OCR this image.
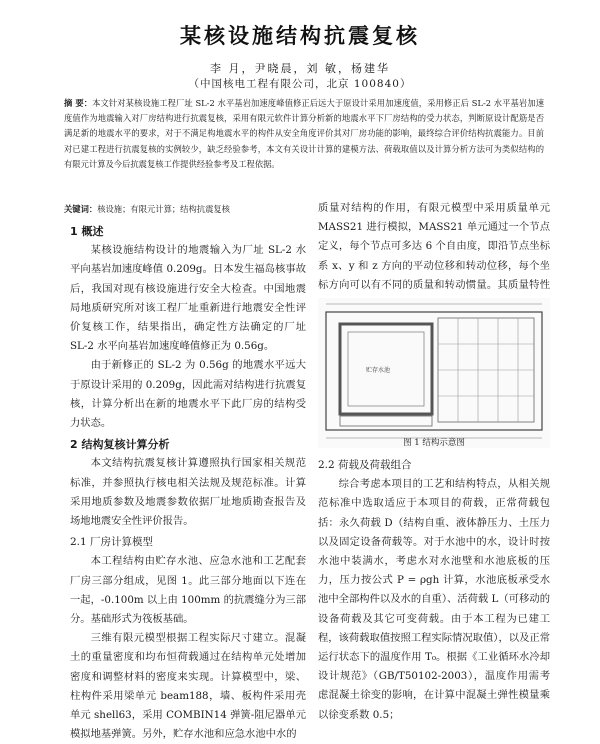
某核设施结构抗震复核
李 月，尹晓晨，刘 敏，杨建华
（中国核电工程有限公司，北京 100840）
摘 要：本文针对某核设施工程厂址 SL-2 水平基岩加速度峰值修正后远大于原设计采用加速度值，采用修正后 SL-2 水平基岩加速度值作为地震输入对厂房结构进行抗震复核，采用有限元软件计算分析新的地震水平下厂房结构的受力状态，判断原设计配筋是否满足新的地震水平的要求，对于不满足构地震水平的构件从安全角度评价其对厂房功能的影响，最终综合评价结构抗震能力。目前对已建工程进行抗震复核的实例较少，缺乏经验参考，本文有关设计计算的建模方法、荷载取值以及计算分析方法可为类似结构的有限元计算及今后抗震复核工作提供经验参考及工程依据。
关键词：核设施；有限元计算；结构抗震复核
1 概述

某核设施结构设计的地震输入为厂址 SL-2 水平向基岩加速度峰值 0.209g。日本发生福岛核事故后，我国对现有核设施进行安全大检查。中国地震局地质研究所对该工程厂址重新进行地震安全性评价复核工作，结果指出，确定性方法确定的厂址 SL-2 水平向基岩加速度峰值修正为 0.56g。

由于新修正的 SL-2 为 0.56g 的地震水平远大于原设计采用的 0.209g，因此需对结构进行抗震复核，计算分析出在新的地震水平下此厂房的结构受力状态。

2 结构复核计算分析

本文结构抗震复核计算遵照执行国家相关规范标准，并参照执行核电相关法规及规范标准。计算采用地质参数及地震参数依据厂址地质勘查报告及场地地震安全性评价报告。

2.1 厂房计算模型

本工程结构由贮存水池、应急水池和工艺配套厂房三部分组成，见图 1。此三部分地面以下连在一起，-0.100m 以上由 100mm 的抗震缝分为三部分。基础形式为筏板基础。

三维有限元模型根据工程实际尺寸建立。混凝土的重量密度和均布恒荷载通过在结构单元处增加密度和调整材料的密度来实现。计算模型中，梁、柱构件采用梁单元 beam188，墙、板构件采用壳单元 shell63，采用 COMBIN14 弹簧-阻尼器单元模拟地基弹簧。另外，贮存水池和应急水池中水的

质量对结构的作用，有限元模型中采用质量单元 MASS21 进行模拟，MASS21 单元通过一个节点定义，每个节点可多达 6 个自由度，即沿节点坐标系 x、y 和 z 方向的平动位移和转动位移，每个坐标方向可以有不同的质量和转动惯量。其质量特性

贮存水池
图 1 结构示意图
2.2 荷载及荷载组合

综合考虑本项目的工艺和结构特点，从相关规范标准中选取适应于本项目的荷载，正常荷载包括：永久荷载 D（结构自重、液体静压力、土压力以及固定设备荷载等。对于水池中的水，设计时按水池中装满水，考虑水对水池壁和水池底板的压力，压力按公式 P = ρgh 计算，水池底板承受水池中全部构件以及水的自重）、活荷载 L（可移动的设备荷载及其它可变荷载。由于本工程为已建工程，该荷载取值按照工程实际情况取值），以及正常运行状态下的温度作用 T₀。根据《工业循环水冷却设计规范》（GB/T50102-2003），温度作用需考虑混凝土徐变的影响，在计算中混凝土弹性模量乘以徐变系数 0.5；
